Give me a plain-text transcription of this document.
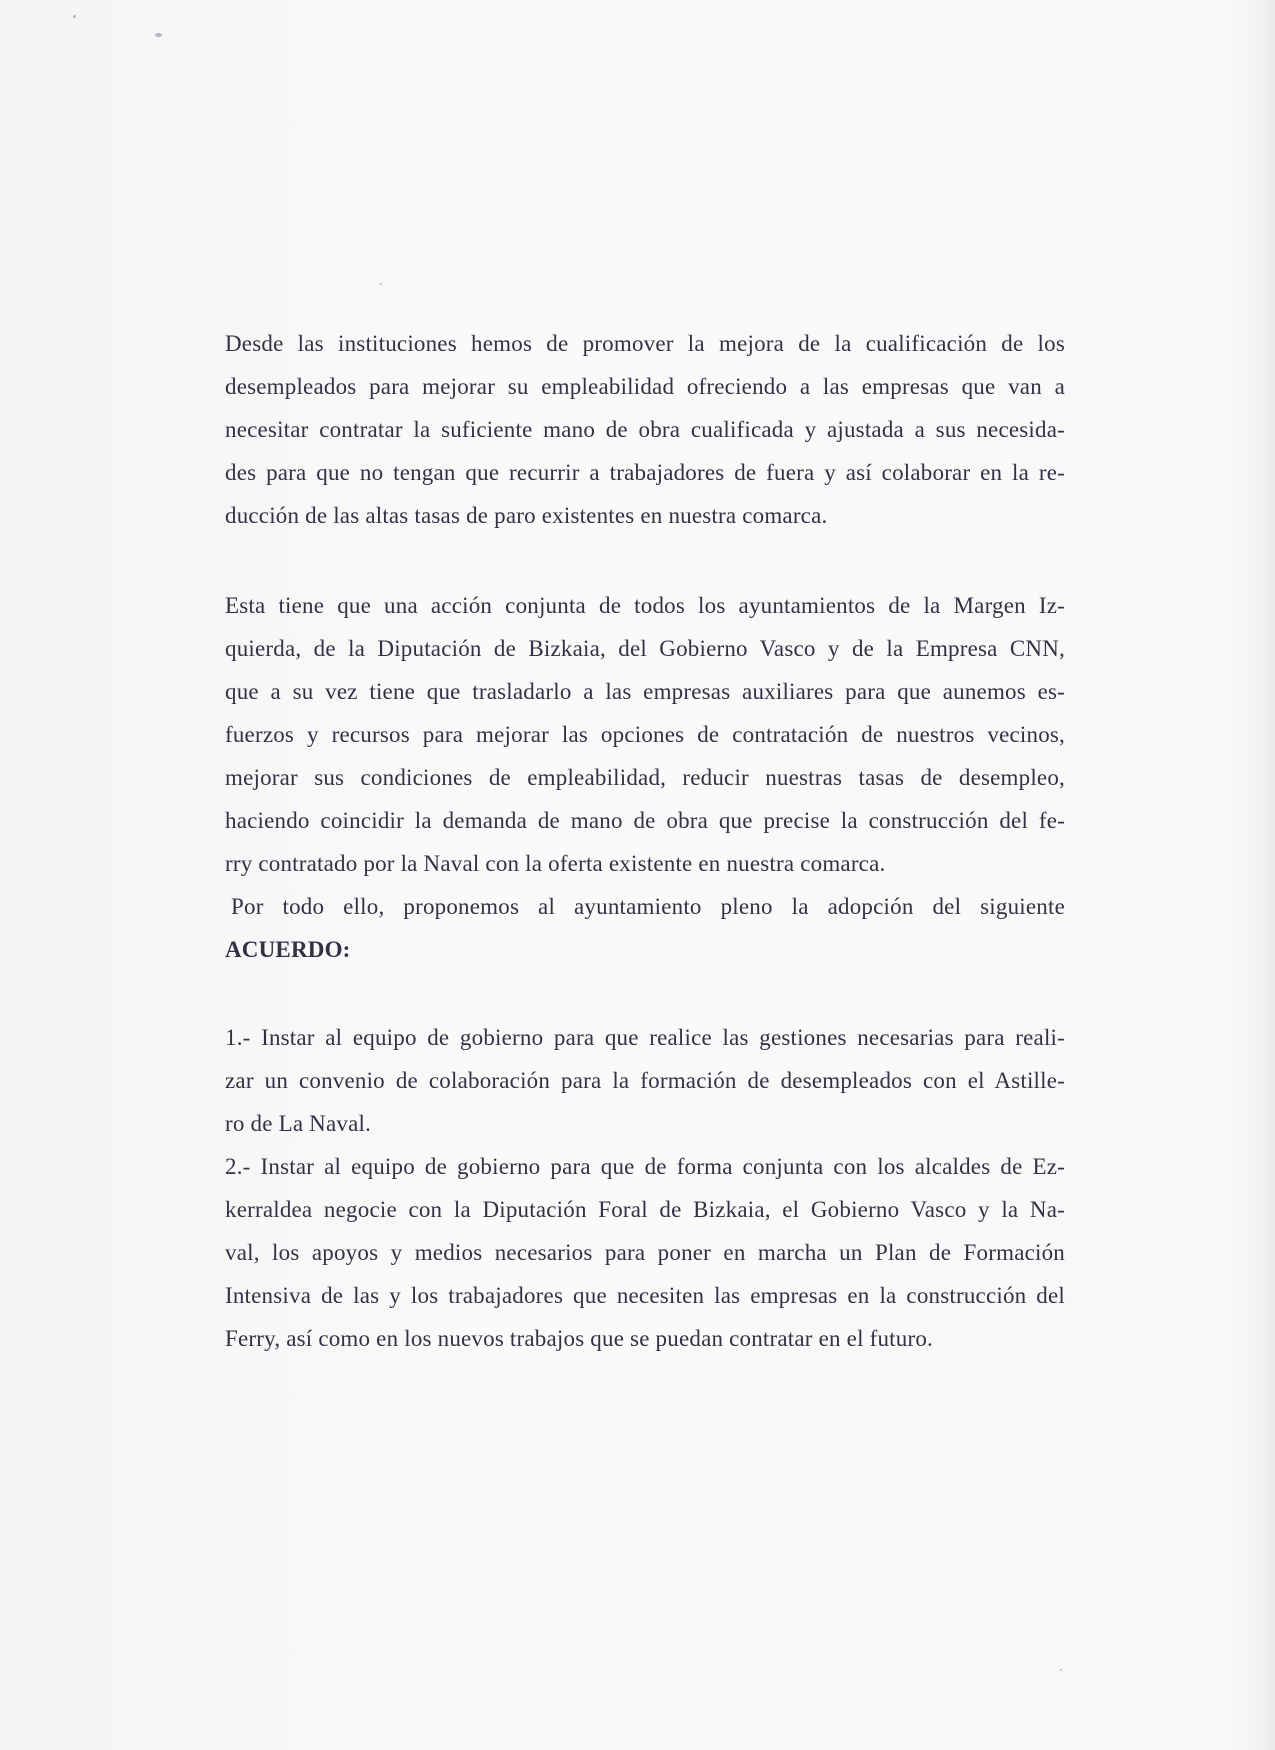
Desde las instituciones hemos de promover la mejora de la cualificación de los
desempleados para mejorar su empleabilidad ofreciendo a las empresas que van a
necesitar contratar la suficiente mano de obra cualificada y ajustada a sus necesida-
des para que no tengan que recurrir a trabajadores de fuera y así colaborar en la re-
ducción de las altas tasas de paro existentes en nuestra comarca.
Esta tiene que una acción conjunta de todos los ayuntamientos de la Margen Iz-
quierda, de la Diputación de Bizkaia, del Gobierno Vasco y de la Empresa CNN,
que a su vez tiene que trasladarlo a las empresas auxiliares para que aunemos es-
fuerzos y recursos para mejorar las opciones de contratación de nuestros vecinos,
mejorar sus condiciones de empleabilidad, reducir nuestras tasas de desempleo,
haciendo coincidir la demanda de mano de obra que precise la construcción del fe-
rry contratado por la Naval con la oferta existente en nuestra comarca.
Por todo ello, proponemos al ayuntamiento pleno la adopción del siguiente
ACUERDO:
1.- Instar al equipo de gobierno para que realice las gestiones necesarias para reali-
zar un convenio de colaboración para la formación de desempleados con el Astille-
ro de La Naval.
2.- Instar al equipo de gobierno para que de forma conjunta con los alcaldes de Ez-
kerraldea negocie con la Diputación Foral de Bizkaia, el Gobierno Vasco y la Na-
val, los apoyos y medios necesarios para poner en marcha un Plan de Formación
Intensiva de las y los trabajadores que necesiten las empresas en la construcción del
Ferry, así como en los nuevos trabajos que se puedan contratar en el futuro.
